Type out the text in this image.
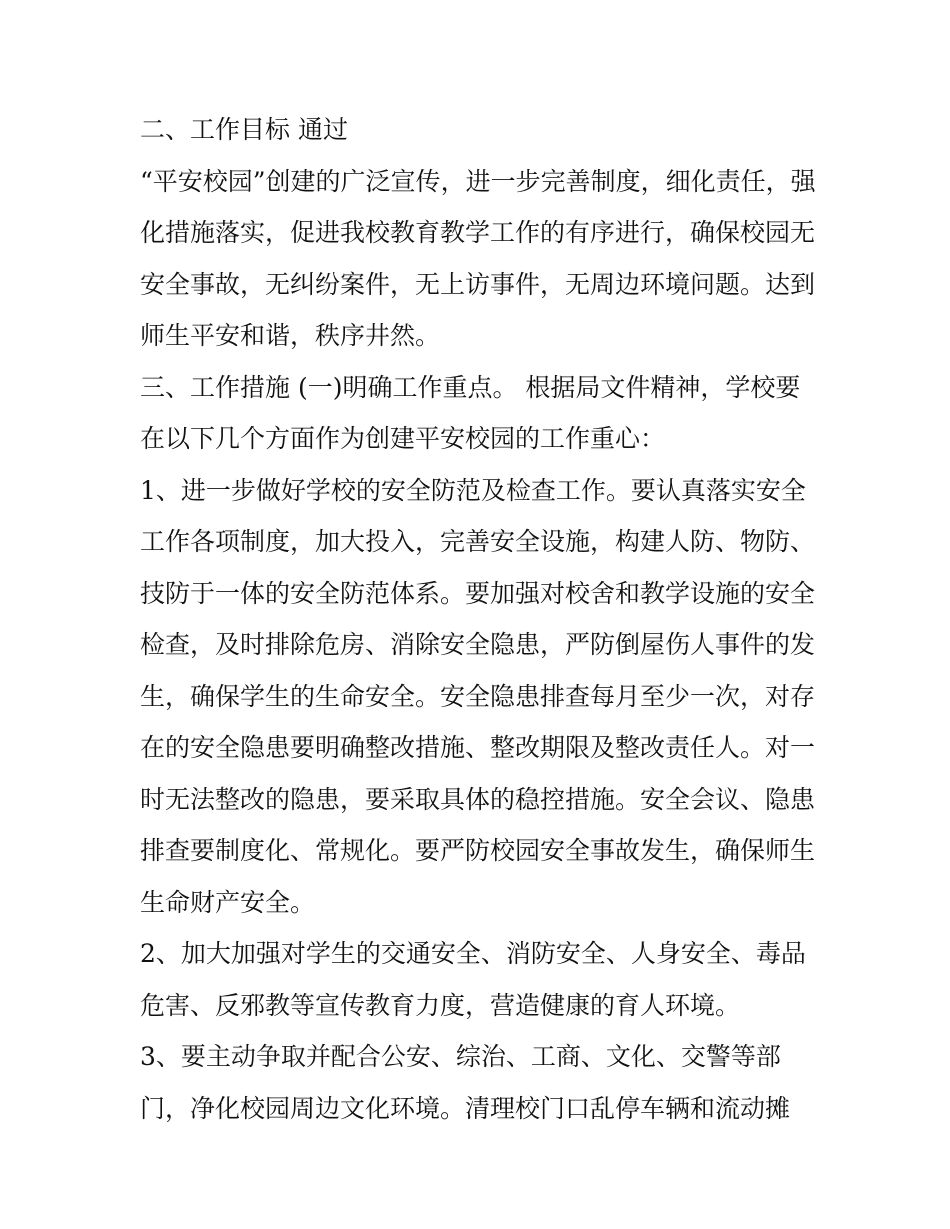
二、工作目标 通过
“平安校园”创建的广泛宣传，进一步完善制度，细化责任，强
化措施落实，促进我校教育教学工作的有序进行，确保校园无
安全事故，无纠纷案件，无上访事件，无周边环境问题。达到
师生平安和谐，秩序井然。
三、工作措施 (一)明确工作重点。 根据局文件精神，学校要
在以下几个方面作为创建平安校园的工作重心：
1、进一步做好学校的安全防范及检查工作。要认真落实安全
工作各项制度，加大投入，完善安全设施，构建人防、物防、
技防于一体的安全防范体系。要加强对校舍和教学设施的安全
检查，及时排除危房、消除安全隐患，严防倒屋伤人事件的发
生，确保学生的生命安全。安全隐患排查每月至少一次，对存
在的安全隐患要明确整改措施、整改期限及整改责任人。对一
时无法整改的隐患，要采取具体的稳控措施。安全会议、隐患
排查要制度化、常规化。要严防校园安全事故发生，确保师生
生命财产安全。
2、加大加强对学生的交通安全、消防安全、人身安全、毒品
危害、反邪教等宣传教育力度，营造健康的育人环境。
3、要主动争取并配合公安、综治、工商、文化、交警等部
门，净化校园周边文化环境。清理校门口乱停车辆和流动摊
